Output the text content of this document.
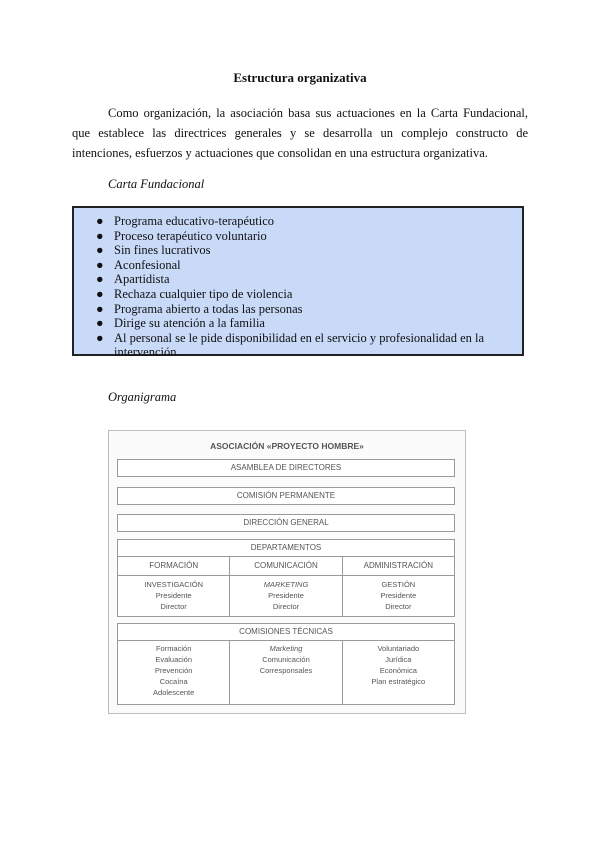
Estructura organizativa

Como organización, la asociación basa sus actuaciones en la Carta Fundacional, que establece las directrices generales y se desarrolla un complejo constructo de intenciones, esfuerzos y actuaciones que consolidan en una estructura organizativa.

Carta Fundacional
● Programa educativo-terapéutico
● Proceso terapéutico voluntario
● Sin fines lucrativos
● Aconfesional
● Apartidista
● Rechaza cualquier tipo de violencia
● Programa abierto a todas las personas
● Dirige su atención a la familia
● Al personal se le pide disponibilidad en el servicio y profesionalidad en la intervención
Organigrama
ASOCIACIÓN «PROYECTO HOMBRE»
ASAMBLEA DE DIRECTORES
COMISIÓN PERMANENTE
DIRECCIÓN GENERAL
DEPARTAMENTOS
FORMACIÓN
INVESTIGACIÓN
Presidente
Director
COMUNICACIÓN
MARKETING
Presidente
Director
ADMINISTRACIÓN
GESTIÓN
Presidente
Director
COMISIONES TÉCNICAS
Formación
Evaluación
Prevención
Cocaína
Adolescente
Marketing
Comunicación
Corresponsales
Voluntariado
Jurídica
Económica
Plan estratégico
